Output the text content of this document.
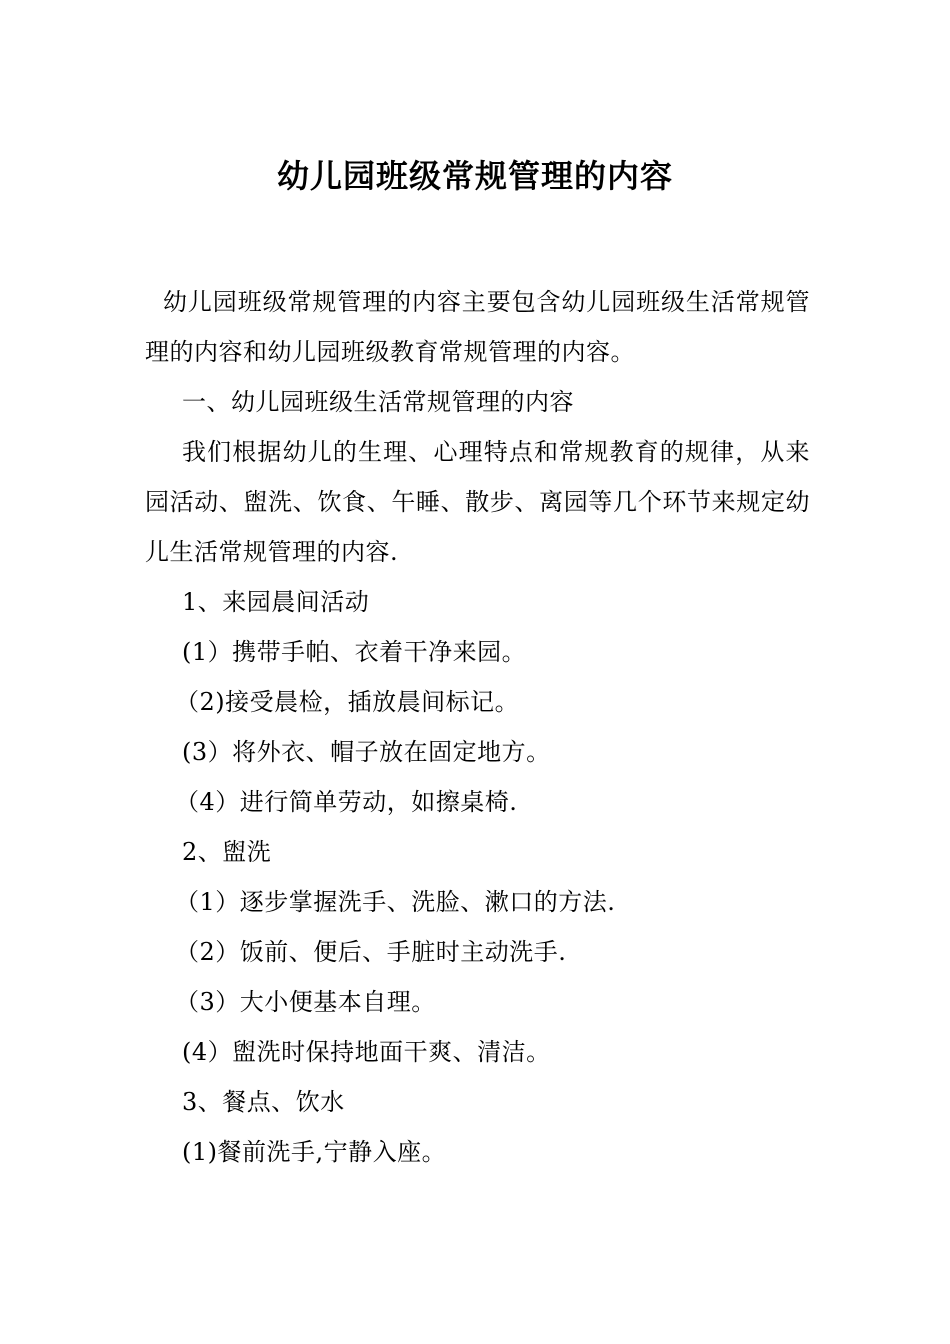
幼儿园班级常规管理的内容

幼儿园班级常规管理的内容主要包含幼儿园班级生活常规管理的内容和幼儿园班级教育常规管理的内容。

一、幼儿园班级生活常规管理的内容

我们根据幼儿的生理、心理特点和常规教育的规律，从来园活动、盥洗、饮食、午睡、散步、离园等几个环节来规定幼儿生活常规管理的内容.

1、来园晨间活动

(1）携带手帕、衣着干净来园。

（2)接受晨检，插放晨间标记。

(3）将外衣、帽子放在固定地方。

（4）进行简单劳动，如擦桌椅.

2、盥洗

（1）逐步掌握洗手、洗脸、漱口的方法.

（2）饭前、便后、手脏时主动洗手.

（3）大小便基本自理。

(4）盥洗时保持地面干爽、清洁。

3、餐点、饮水

(1)餐前洗手,宁静入座。
